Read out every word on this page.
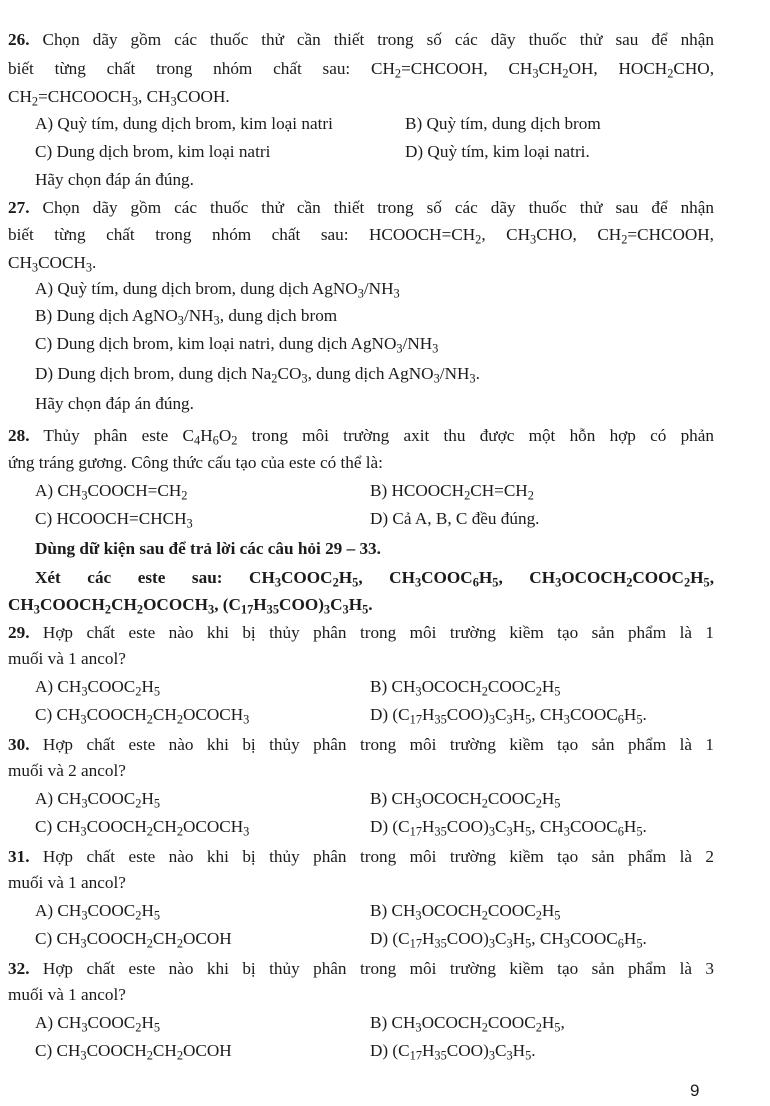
26. Chọn dãy gồm các thuốc thử cần thiết trong số các dãy thuốc thử sau để nhận
biết từng chất trong nhóm chất sau: $CH_2=CHCOOH$, $CH_3CH_2OH$, $HOCH_2CHO$,
$CH_2=CHCOOCH_3$, $CH_3COOH$.
A) Quỳ tím, dung dịch brom, kim loại natri	B) Quỳ tím, dung dịch brom
C) Dung dịch brom, kim loại natri	D) Quỳ tím, kim loại natri.
Hãy chọn đáp án đúng.
27. Chọn dãy gồm các thuốc thử cần thiết trong số các dãy thuốc thử sau để nhận
biết từng chất trong nhóm chất sau: $HCOOCH=CH_2$, $CH_3CHO$, $CH_2=CHCOOH$,
$CH_3COCH_3$.
A) Quỳ tím, dung dịch brom, dung dịch $AgNO_3/NH_3$
B) Dung dịch $AgNO_3/NH_3$, dung dịch brom
C) Dung dịch brom, kim loại natri, dung dịch $AgNO_3/NH_3$
D) Dung dịch brom, dung dịch $Na_2CO_3$, dung dịch $AgNO_3/NH_3$.
Hãy chọn đáp án đúng.
28. Thủy phân este $C_4H_6O_2$ trong môi trường axit thu được một hỗn hợp có phản
ứng tráng gương. Công thức cấu tạo của este có thể là:
A) $CH_3COOCH=CH_2$	B) $HCOOCH_2CH=CH_2$
C) $HCOOCH=CHCH_3$	D) Cả A, B, C đều đúng.
Dùng dữ kiện sau để trả lời các câu hỏi 29 – 33.
Xét các este sau: $CH_3COOC_2H_5$, $CH_3COOC_6H_5$, $CH_3OCOCH_2COOC_2H_5$,
$CH_3COOCH_2CH_2OCOCH_3$, $(C_{17}H_{35}COO)_3C_3H_5$.
29. Hợp chất este nào khi bị thủy phân trong môi trường kiềm tạo sản phẩm là 1
muối và 1 ancol?
A) $CH_3COOC_2H_5$	B) $CH_3OCOCH_2COOC_2H_5$
C) $CH_3COOCH_2CH_2OCOCH_3$	D) $(C_{17}H_{35}COO)_3C_3H_5$, $CH_3COOC_6H_5$.
30. Hợp chất este nào khi bị thủy phân trong môi trường kiềm tạo sản phẩm là 1
muối và 2 ancol?
A) $CH_3COOC_2H_5$	B) $CH_3OCOCH_2COOC_2H_5$
C) $CH_3COOCH_2CH_2OCOCH_3$	D) $(C_{17}H_{35}COO)_3C_3H_5$, $CH_3COOC_6H_5$.
31. Hợp chất este nào khi bị thủy phân trong môi trường kiềm tạo sản phẩm là 2
muối và 1 ancol?
A) $CH_3COOC_2H_5$	B) $CH_3OCOCH_2COOC_2H_5$
C) $CH_3COOCH_2CH_2OCOH$	D) $(C_{17}H_{35}COO)_3C_3H_5$, $CH_3COOC_6H_5$.
32. Hợp chất este nào khi bị thủy phân trong môi trường kiềm tạo sản phẩm là 3
muối và 1 ancol?
A) $CH_3COOC_2H_5$	B) $CH_3OCOCH_2COOC_2H_5$,
C) $CH_3COOCH_2CH_2OCOH$	D) $(C_{17}H_{35}COO)_3C_3H_5$.
9
